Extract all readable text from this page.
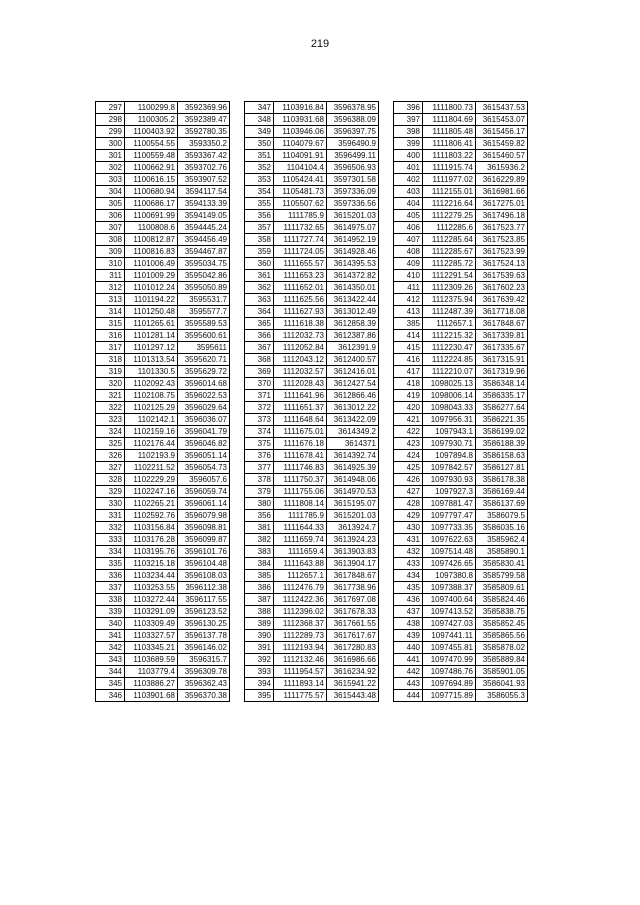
219
297	1100299.8	3592369.96
298	1100305.2	3592389.47
299	1100403.92	3592780.35
300	1100554.55	3593350.2
301	1100559.48	3593367.42
302	1100662.91	3593702.76
303	1100616.15	3593907.52
304	1100680.94	3594117.54
305	1100686.17	3594133.39
306	1100691.99	3594149.05
307	1100808.6	3594445.24
308	1100812.87	3594456.49
309	1100816.83	3594467.87
310	1101006.49	3595034.75
311	1101009.29	3595042.86
312	1101012.24	3595050.89
313	1101194.22	3595531.7
314	1101250.48	3595577.7
315	1101265.61	3595589.53
316	1101281.14	3595600.61
317	1101297.12	3595611
318	1101313.54	3595620.71
319	1101330.5	3595629.72
320	1102092.43	3596014.68
321	1102108.75	3596022.53
322	1102125.29	3596029.64
323	1102142.1	3596036.07
324	1102159.16	3596041.79
325	1102176.44	3596046.82
326	1102193.9	3596051.14
327	1102211.52	3596054.73
328	1102229.29	3596057.6
329	1102247.16	3596059.74
330	1102265.21	3596061.14
331	1102592.76	3596079.98
332	1103156.84	3596098.81
333	1103176.28	3596099.87
334	1103195.76	3596101.76
335	1103215.18	3596104.48
336	1103234.44	3596108.03
337	1103253.55	3596112.38
338	1103272.44	3596117.55
339	1103291.09	3596123.52
340	1103309.49	3596130.25
341	1103327.57	3596137.78
342	1103345.21	3596146.02
343	1103689.59	3596315.7
344	1103779.4	3596309.78
345	1103886.27	3596362.43
346	1103901.68	3596370.38
347	1103916.84	3596378.95
348	1103931.68	3596388.09
349	1103946.06	3596397.75
350	1104079.67	3596490.9
351	1104091.91	3596499.11
352	1104104.4	3596506.93
353	1105424.41	3597301.58
354	1105481.73	3597336.09
355	1105507.62	3597336.56
356	1111785.9	3615201.03
357	1111732.65	3614975.07
358	1111727.74	3614952.19
359	1111724.05	3614928.46
360	1111655.57	3614395.53
361	1111653.23	3614372.82
362	1111652.01	3614350.01
363	1111625.56	3613422.44
364	1111627.93	3613012.49
365	1111618.38	3612858.39
366	1112032.73	3612387.86
367	1112052.84	3612391.9
368	1112043.12	3612400.57
369	1112032.57	3612416.01
370	1112028.43	3612427.54
371	1111641.96	3612866.46
372	1111651.37	3613012.22
373	1111648.64	3613422.09
374	1111675.01	3614349.2
375	1111676.18	3614371
376	1111678.41	3614392.74
377	1111746.83	3614925.39
378	1111750.37	3614948.06
379	1111755.06	3614970.53
380	1111808.14	3615195.07
356	1111785.9	3615201.03
381	1111644.33	3613924.7
382	1111659.74	3613924.23
383	1111659.4	3613903.83
384	1111643.88	3613904.17
385	1112657.1	3617848.67
386	1112476.79	3617738.96
387	1112422.36	3617697.08
388	1112396.02	3617678.33
389	1112368.37	3617661.55
390	1112289.73	3617617.67
391	1112193.94	3617280.83
392	1112132.46	3616986.66
393	1111954.57	3616234.92
394	1111893.14	3615941.22
395	1111775.57	3615443.48
396	1111800.73	3615437.53
397	1111804.69	3615453.07
398	1111805.48	3615456.17
399	1111806.41	3615459.82
400	1111803.22	3615460.57
401	1111915.74	3615936.2
402	1111977.02	3616229.89
403	1112155.01	3616981.66
404	1112216.64	3617275.01
405	1112279.25	3617496.18
406	1112285.6	3617523.77
407	1112285.64	3617523.85
408	1112285.67	3617523.99
409	1112285.72	3617524.13
410	1112291.54	3617539.63
411	1112309.26	3617602.23
412	1112375.94	3617639.42
413	1112487.39	3617718.08
385	1112657.1	3617848.67
414	1112215.32	3617339.81
415	1112230.47	3617335.67
416	1112224.85	3617315.91
417	1112210.07	3617319.96
418	1098025.13	3586348.14
419	1098006.14	3586335.17
420	1098043.33	3586277.64
421	1097956.31	3586221.35
422	1097943.1	3586199.02
423	1097930.71	3586188.39
424	1097894.8	3586158.63
425	1097842.57	3586127.81
426	1097930.93	3586178.38
427	1097927.3	3586169.44
428	1097881.47	3586137.69
429	1097797.47	3586079.5
430	1097733.35	3586035.16
431	1097622.63	3585962.4
432	1097514.48	3585890.1
433	1097426.65	3585830.41
434	1097380.8	3585799.58
435	1097388.37	3585809.61
436	1097400.64	3585824.46
437	1097413.52	3585838.75
438	1097427.03	3585852.45
439	1097441.11	3585865.56
440	1097455.81	3585878.02
441	1097470.99	3585889.84
442	1097486.76	3585901.05
443	1097694.89	3586041.93
444	1097715.89	3586055.3
